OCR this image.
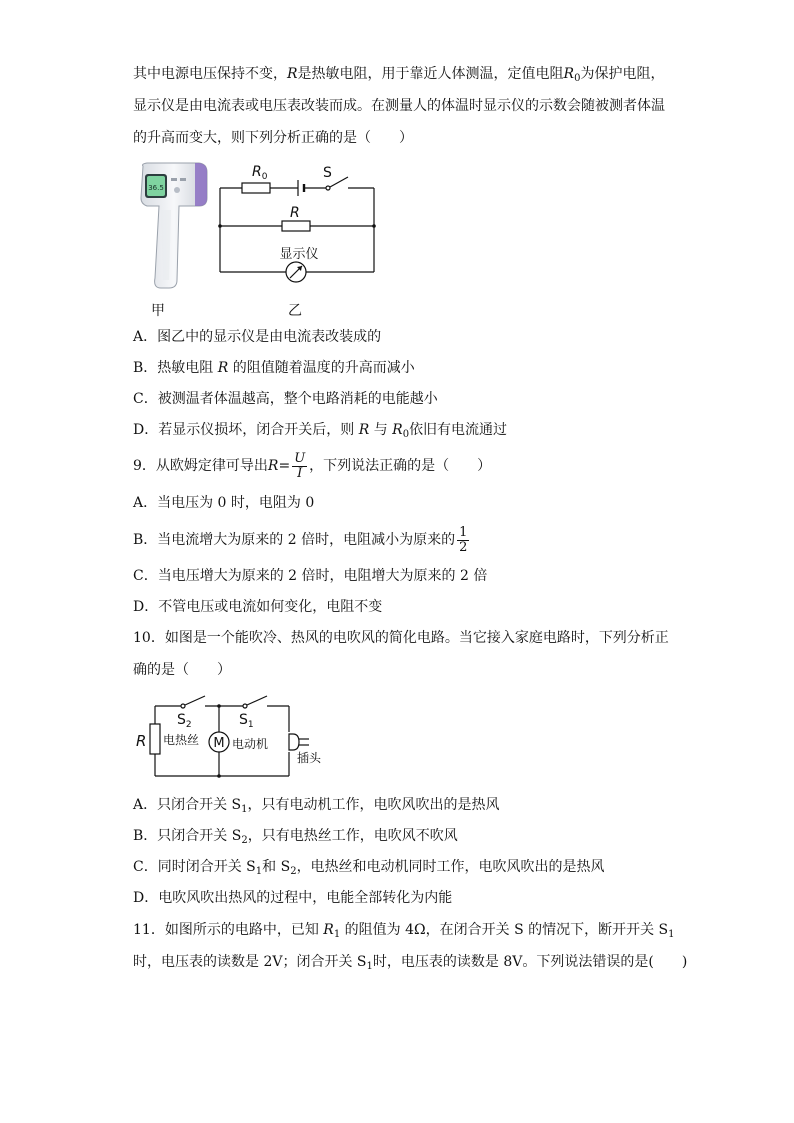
其中电源电压保持不变，R是热敏电阻，用于靠近人体测温，定值电阻$R_0$为保护电阻，
显示仪是由电流表或电压表改装而成。在测量人的体温时显示仪的示数会随被测者体温
的升高而变大，则下列分析正确的是（　　）
36.5
甲
$R_0$	S
R
显示仪
乙
A．图乙中的显示仪是由电流表改装成的
B．热敏电阻 R 的阻值随着温度的升高而减小
C．被测温者体温越高，整个电路消耗的电能越小
D．若显示仪损坏，闭合开关后，则 R 与 $R_0$依旧有电流通过
9．从欧姆定律可导出$R= \frac{U}{I}$ ，下列说法正确的是（　　）
A．当电压为 0 时，电阻为 0
B．当电流增大为原来的 2 倍时，电阻减小为原来的 $\frac{1}{2}$
C．当电压增大为原来的 2 倍时，电阻增大为原来的 2 倍
D．不管电压或电流如何变化，电阻不变
10．如图是一个能吹冷、热风的电吹风的简化电路。当它接入家庭电路时，下列分析正
确的是（　　）
R
$S_2$	$S_1$
电热丝 M 电动机
插头
A．只闭合开关 $S_1$，只有电动机工作，电吹风吹出的是热风
B．只闭合开关 $S_2$，只有电热丝工作，电吹风不吹风
C．同时闭合开关 $S_1$和 $S_2$，电热丝和电动机同时工作，电吹风吹出的是热风
D．电吹风吹出热风的过程中，电能全部转化为内能
11．如图所示的电路中，已知 $R_1$ 的阻值为 4Ω，在闭合开关 S 的情况下，断开开关 $S_1$
时，电压表的读数是 2V；闭合开关 $S_1$时，电压表的读数是 8V。下列说法错误的是(　　)
